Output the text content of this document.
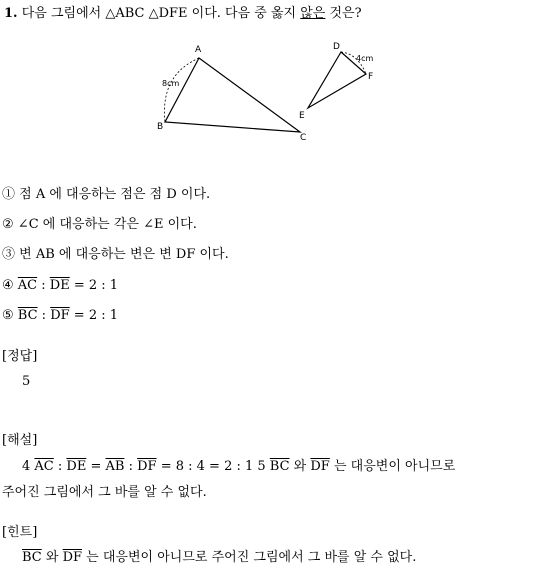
1. 다음 그림에서 △ABC △DFE 이다. 다음 중 옳지 않은 것은?
A
B
C
8cm
D
F
E
4cm
① 점 A 에 대응하는 점은 점 D 이다.
② ∠C 에 대응하는 각은 ∠E 이다.
③ 변 AB 에 대응하는 변은 변 DF 이다.
④ $\overline{AC}$ : $\overline{DE} = 2$ : 1
⑤ $\overline{BC}$ : $\overline{DF} = 2$ : 1
[정답]
5
[해설]
4 $\overline{AC}$ : $\overline{DE} = \overline{AB}$ : $\overline{DF} = 8$ : 4 = 2 : 1 5 $\overline{BC}$ 와 $\overline{DF}$ 는 대응변이 아니므로
주어진 그림에서 그 바를 알 수 없다.
[힌트]
$\overline{BC}$ 와 $\overline{DF}$ 는 대응변이 아니므로 주어진 그림에서 그 바를 알 수 없다.
